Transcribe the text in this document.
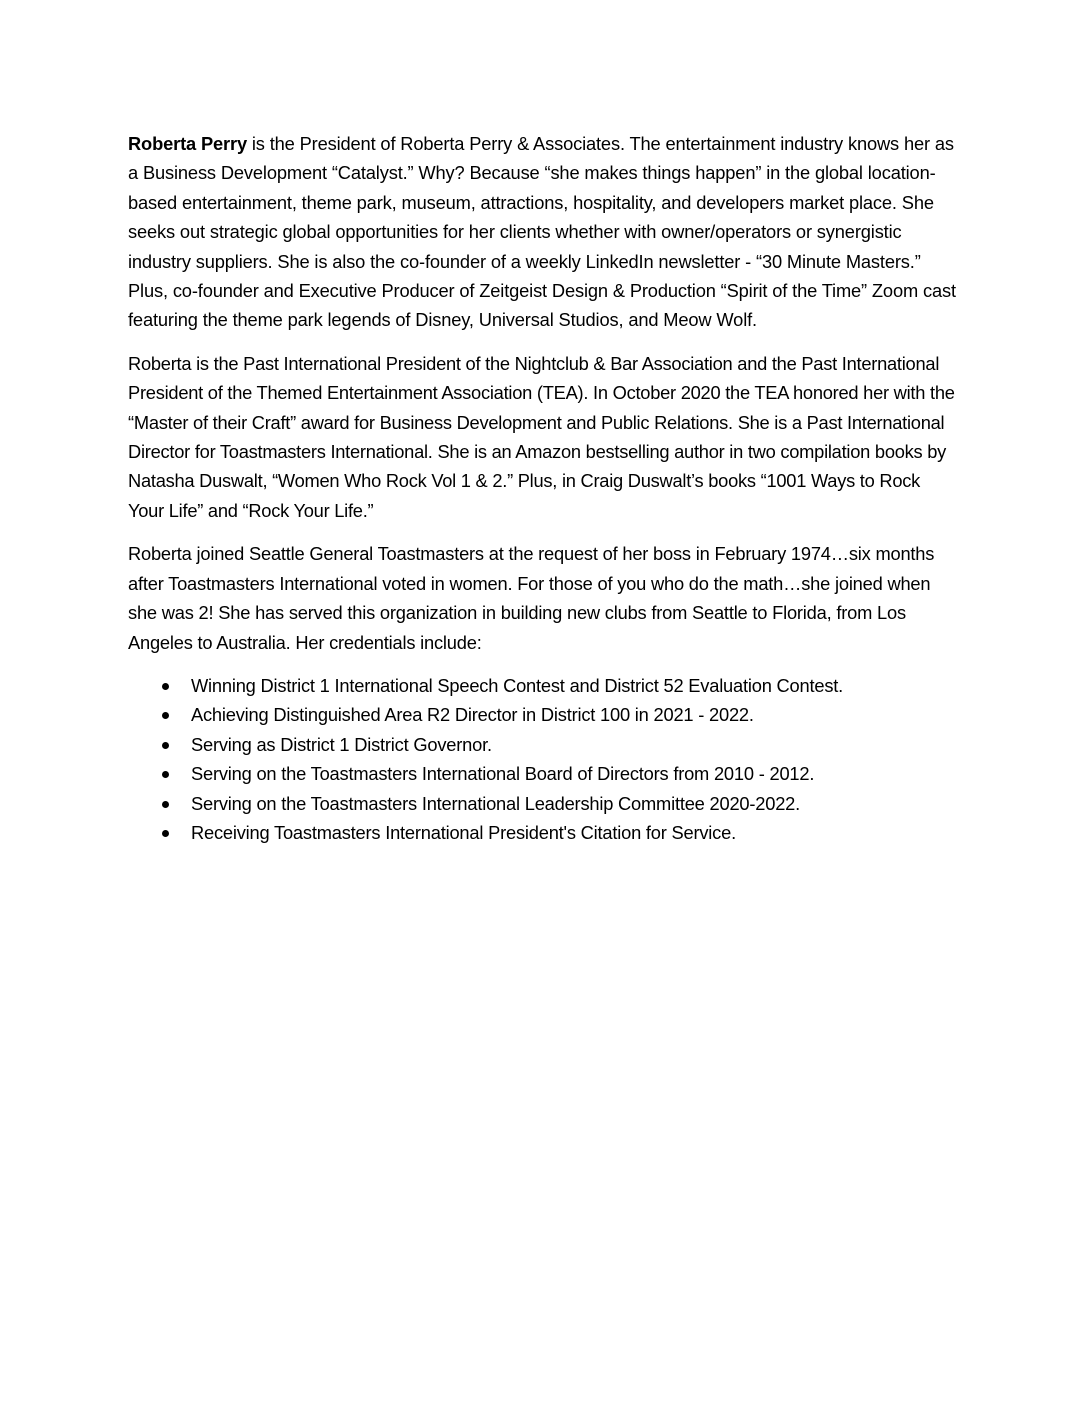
Roberta Perry is the President of Roberta Perry & Associates. The entertainment industry knows her as a Business Development “Catalyst.” Why? Because “she makes things happen” in the global location-based entertainment, theme park, museum, attractions, hospitality, and developers market place. She seeks out strategic global opportunities for her clients whether with owner/operators or synergistic industry suppliers. She is also the co-founder of a weekly LinkedIn newsletter - “30 Minute Masters.” Plus, co-founder and Executive Producer of Zeitgeist Design & Production “Spirit of the Time” Zoom cast featuring the theme park legends of Disney, Universal Studios, and Meow Wolf.

Roberta is the Past International President of the Nightclub & Bar Association and the Past International President of the Themed Entertainment Association (TEA). In October 2020 the TEA honored her with the “Master of their Craft” award for Business Development and Public Relations. She is a Past International Director for Toastmasters International. She is an Amazon bestselling author in two compilation books by Natasha Duswalt, “Women Who Rock Vol 1 & 2.” Plus, in Craig Duswalt’s books “1001 Ways to Rock Your Life” and “Rock Your Life.”

Roberta joined Seattle General Toastmasters at the request of her boss in February 1974…six months after Toastmasters International voted in women. For those of you who do the math…she joined when she was 2! She has served this organization in building new clubs from Seattle to Florida, from Los Angeles to Australia. Her credentials include:

Winning District 1 International Speech Contest and District 52 Evaluation Contest.
Achieving Distinguished Area R2 Director in District 100 in 2021 - 2022.
Serving as District 1 District Governor.
Serving on the Toastmasters International Board of Directors from 2010 - 2012.
Serving on the Toastmasters International Leadership Committee 2020-2022.
Receiving Toastmasters International President's Citation for Service.
